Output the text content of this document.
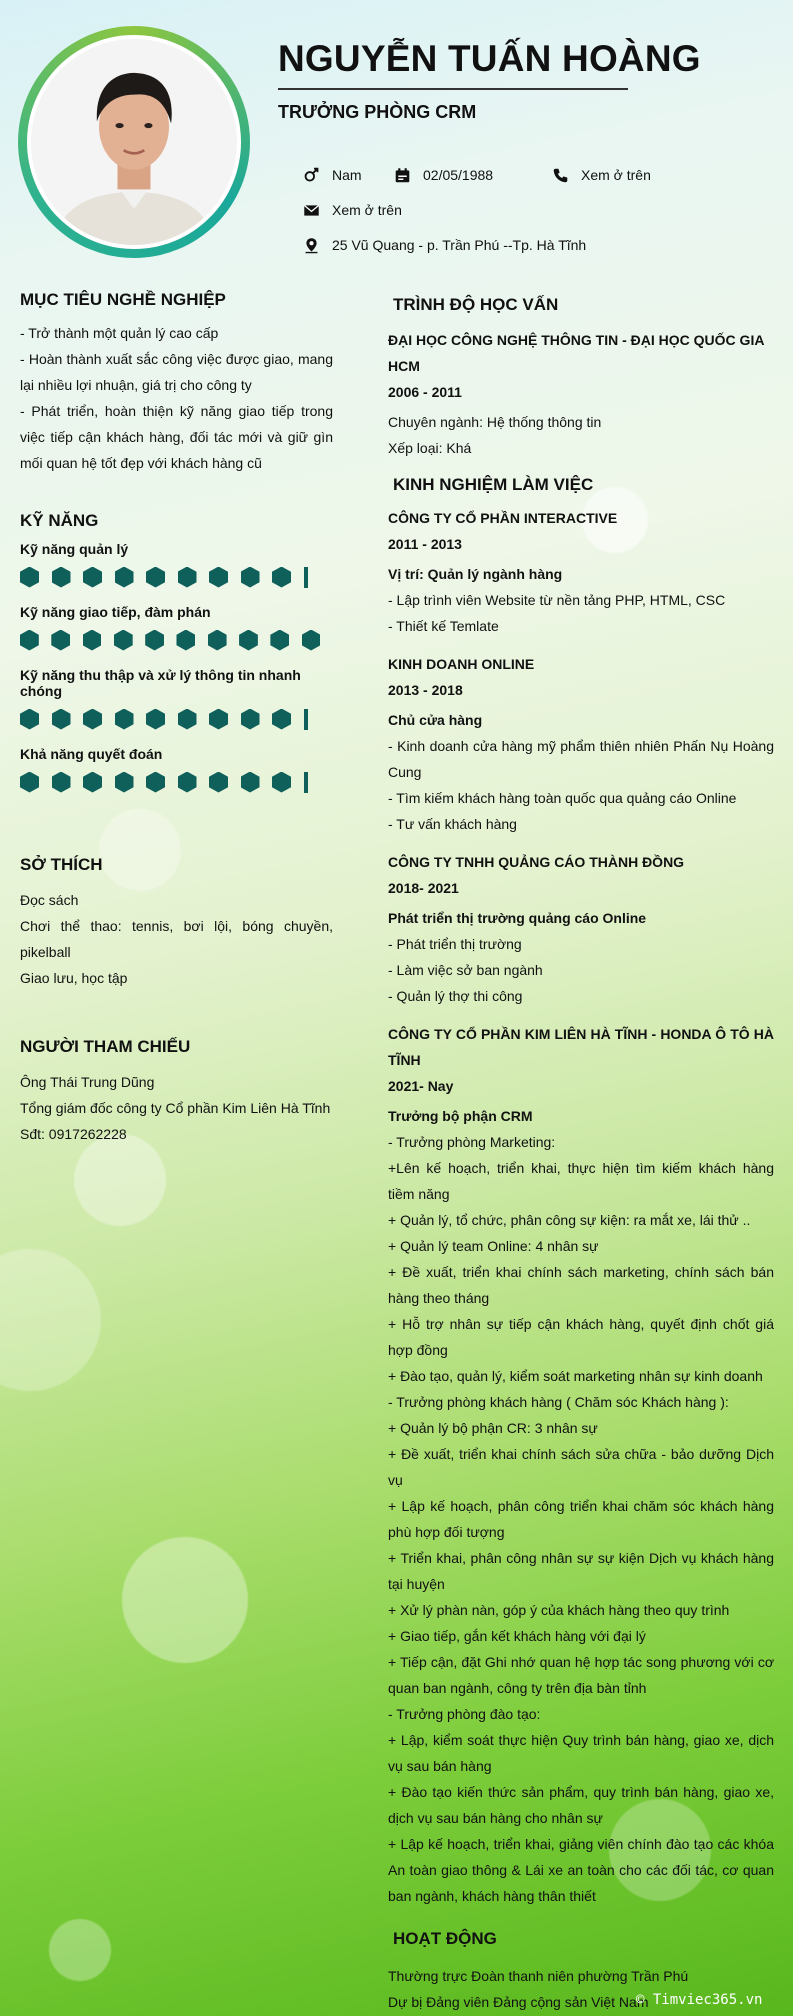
NGUYỄN TUẤN HOÀNG
TRƯỞNG PHÒNG CRM
Nam	02/05/1988	Xem ở trên
Xem ở trên
25 Vũ Quang - p. Trần Phú --Tp. Hà Tĩnh
MỤC TIÊU NGHỀ NGHIỆP
- Trở thành một quản lý cao cấp
- Hoàn thành xuất sắc công việc được giao, mang lại nhiều lợi nhuận, giá trị cho công ty
- Phát triển, hoàn thiện kỹ năng giao tiếp trong việc tiếp cận khách hàng, đối tác mới và giữ gìn mối quan hệ tốt đẹp với khách hàng cũ
KỸ NĂNG
Kỹ năng quản lý
Kỹ năng giao tiếp, đàm phán
Kỹ năng thu thập và xử lý thông tin nhanh chóng
Khả năng quyết đoán
SỞ THÍCH
Đọc sách
Chơi thể thao: tennis, bơi lội, bóng chuyền, pikelball
Giao lưu, học tập
NGƯỜI THAM CHIẾU
Ông Thái Trung Dũng
Tổng giám đốc công ty Cổ phần Kim Liên Hà Tĩnh
Sđt: 0917262228
TRÌNH ĐỘ HỌC VẤN
ĐẠI HỌC CÔNG NGHỆ THÔNG TIN - ĐẠI HỌC QUỐC GIA HCM
2006 - 2011
Chuyên ngành: Hệ thống thông tin
Xếp loại: Khá
KINH NGHIỆM LÀM VIỆC
CÔNG TY CỔ PHẦN INTERACTIVE
2011 - 2013
Vị trí: Quản lý ngành hàng
- Lập trình viên Website từ nền tảng PHP, HTML, CSC
- Thiết kế Temlate
KINH DOANH ONLINE
2013 - 2018
Chủ cửa hàng
- Kinh doanh cửa hàng mỹ phẩm thiên nhiên Phấn Nụ Hoàng Cung
- Tìm kiếm khách hàng toàn quốc qua quảng cáo Online
- Tư vấn khách hàng
CÔNG TY TNHH QUẢNG CÁO THÀNH ĐỒNG
2018- 2021
Phát triển thị trường quảng cáo Online
- Phát triển thị trường
- Làm việc sở ban ngành
- Quản lý thợ thi công
CÔNG TY CỔ PHẦN KIM LIÊN HÀ TĨNH - HONDA Ô TÔ HÀ TĨNH
2021- Nay
Trưởng bộ phận CRM
- Trưởng phòng Marketing:
+Lên kế hoạch, triển khai, thực hiện tìm kiếm khách hàng tiềm năng
+ Quản lý, tổ chức, phân công sự kiện: ra mắt xe, lái thử ..
+ Quản lý team Online: 4 nhân sự
+ Đề xuất, triển khai chính sách marketing, chính sách bán hàng theo tháng
+ Hỗ trợ nhân sự tiếp cận khách hàng, quyết định chốt giá hợp đồng
+ Đào tạo, quản lý, kiểm soát marketing nhân sự kinh doanh
- Trưởng phòng khách hàng ( Chăm sóc Khách hàng ):
+ Quản lý bộ phận CR: 3 nhân sự
+ Đề xuất, triển khai chính sách sửa chữa - bảo dưỡng Dịch vụ
+ Lập kế hoạch, phân công triển khai chăm sóc khách hàng phù hợp đối tượng
+ Triển khai, phân công nhân sự sự kiện Dịch vụ khách hàng tại huyện
+ Xử lý phàn nàn, góp ý của khách hàng theo quy trình
+ Giao tiếp, gắn kết khách hàng với đại lý
+ Tiếp cận, đặt Ghi nhớ quan hệ hợp tác song phương với cơ quan ban ngành, công ty trên địa bàn tỉnh
- Trưởng phòng đào tạo:
+ Lập, kiểm soát thực hiện Quy trình bán hàng, giao xe, dịch vụ sau bán hàng
+ Đào tạo kiến thức sản phẩm, quy trình bán hàng, giao xe, dịch vụ sau bán hàng cho nhân sự
+ Lập kế hoạch, triển khai, giảng viên chính đào tạo các khóa An toàn giao thông & Lái xe an toàn cho các đối tác, cơ quan ban ngành, khách hàng thân thiết
HOẠT ĐỘNG
Thường trực Đoàn thanh niên phường Trần Phú
Dự bị Đảng viên Đảng cộng sản Việt Nam
© Timviec365.vn
